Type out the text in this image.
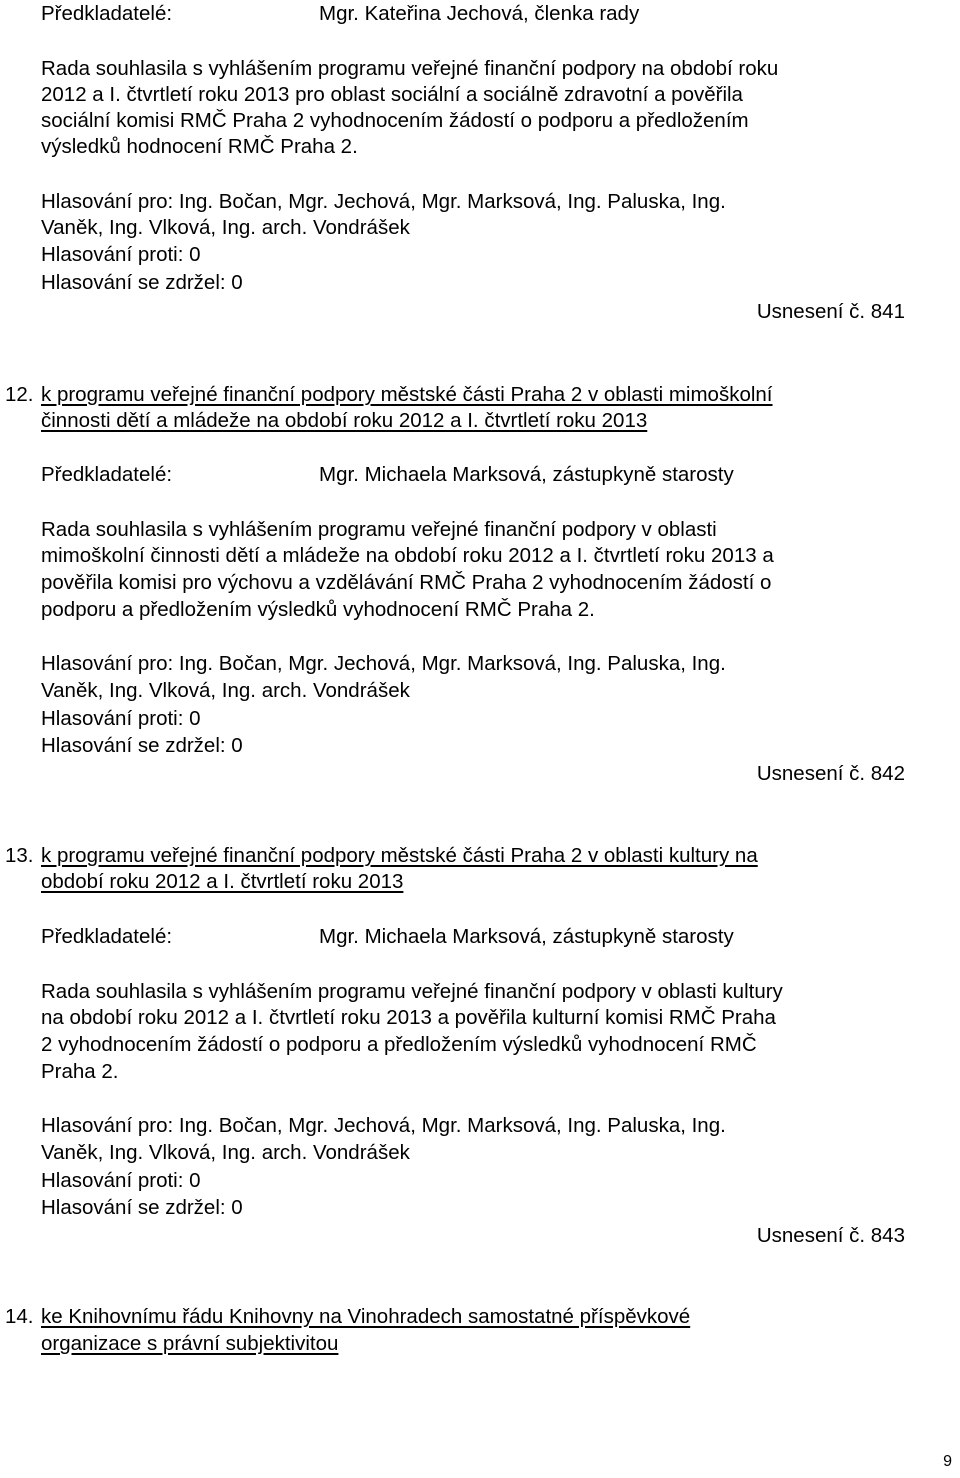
Předkladatelé:	Mgr. Kateřina Jechová, členka rady
Rada souhlasila s vyhlášením programu veřejné finanční podpory na období roku
2012 a I. čtvrtletí roku 2013 pro oblast sociální a sociálně zdravotní a pověřila
sociální komisi RMČ Praha 2 vyhodnocením žádostí o podporu a předložením
výsledků hodnocení RMČ Praha 2.
Hlasování pro: Ing. Bočan, Mgr. Jechová, Mgr. Marksová, Ing. Paluska, Ing.
Vaněk, Ing. Vlková, Ing. arch. Vondrášek
Hlasování proti: 0
Hlasování se zdržel: 0
Usnesení č. 841
12. k programu veřejné finanční podpory městské části Praha 2 v oblasti mimoškolní
činnosti dětí a mládeže na období roku 2012 a I. čtvrtletí roku 2013
Předkladatelé:	Mgr. Michaela Marksová, zástupkyně starosty
Rada souhlasila s vyhlášením programu veřejné finanční podpory v oblasti
mimoškolní činnosti dětí a mládeže na období roku 2012 a I. čtvrtletí roku 2013 a
pověřila komisi pro výchovu a vzdělávání RMČ Praha 2 vyhodnocením žádostí o
podporu a předložením výsledků vyhodnocení RMČ Praha 2.
Hlasování pro: Ing. Bočan, Mgr. Jechová, Mgr. Marksová, Ing. Paluska, Ing.
Vaněk, Ing. Vlková, Ing. arch. Vondrášek
Hlasování proti: 0
Hlasování se zdržel: 0
Usnesení č. 842
13. k programu veřejné finanční podpory městské části Praha 2 v oblasti kultury na
období roku 2012 a I. čtvrtletí roku 2013
Předkladatelé:	Mgr. Michaela Marksová, zástupkyně starosty
Rada souhlasila s vyhlášením programu veřejné finanční podpory v oblasti kultury
na období roku 2012 a I. čtvrtletí roku 2013 a pověřila kulturní komisi RMČ Praha
2 vyhodnocením žádostí o podporu a předložením výsledků vyhodnocení RMČ
Praha 2.
Hlasování pro: Ing. Bočan, Mgr. Jechová, Mgr. Marksová, Ing. Paluska, Ing.
Vaněk, Ing. Vlková, Ing. arch. Vondrášek
Hlasování proti: 0
Hlasování se zdržel: 0
Usnesení č. 843
14. ke Knihovnímu řádu Knihovny na Vinohradech samostatné příspěvkové
organizace s právní subjektivitou
9
